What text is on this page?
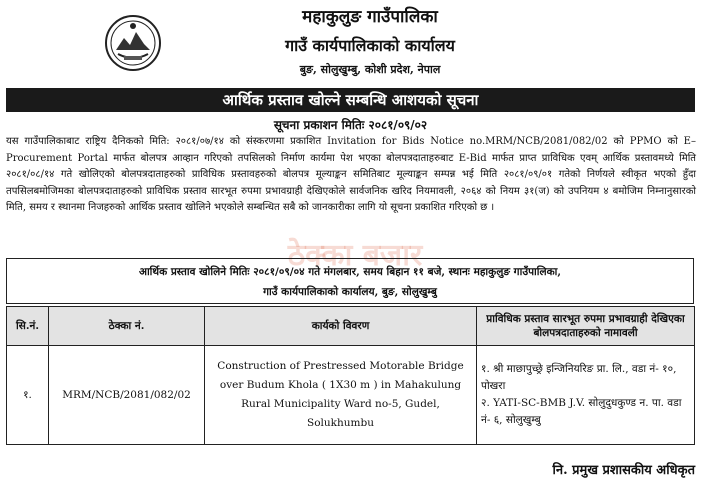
महाकुलुङ गाउँपालिका
गाउँ कार्यपालिकाको कार्यालय
बुङ, सोलुखुम्बु, कोशी प्रदेश, नेपाल
आर्थिक प्रस्ताव खोल्ने सम्बन्धि आशयको सूचना
सूचना प्रकाशन मितिः २०८१/०९/०२
यस गाउँपालिकाबाट राष्ट्रिय दैनिकको मिति: २०८१/०७/१४ को संस्करणमा प्रकाशित Invitation for Bids Notice no.MRM/NCB/2081/082/02 को PPMO को E–Procurement Portal मार्फत बोलपत्र आव्हान गरिएको तपसिलको निर्माण कार्यमा पेश भएका बोलपत्रदाताहरुबाट E-Bid मार्फत प्राप्त प्राविधिक एवम् आर्थिक प्रस्तावमध्ये मिति २०८१/०८/१४ गते खोलिएको बोलपत्रदाताहरुको प्राविधिक प्रस्तावहरुको बोलपत्र मूल्याङ्कन समितिबाट मूल्याङ्कन सम्पन्न भई मिति २०८१/०९/०१ गतेको निर्णयले स्वीकृत भएको हुँदा तपसिलबमोजिमका बोलपत्रदाताहरुको प्राविधिक प्रस्ताव सारभूत रुपमा प्रभावग्राही देखिएकोले सार्वजनिक खरिद नियमावली, २०६४ को नियम ३१(ज) को उपनियम ४ बमोजिम निम्नानुसारको मिति, समय र स्थानमा निजहरुको आर्थिक प्रस्ताव खोलिने भएकोले सम्बन्धित सबै को जानकारीका लागि यो सूचना प्रकाशित गरिएको छ ।
ठेक्का बजार
आर्थिक प्रस्ताव खोलिने मितिः २०८१/०९/०४ गते मंगलबार, समय बिहान ११ बजे, स्थानः महाकुलुङ गाउँपालिका,
गाउँ कार्यपालिकाको कार्यालय, बुङ, सोलुखुम्बु
सि.नं.	ठेक्का नं.	कार्यको विवरण	प्राविधिक प्रस्ताव सारभूत रुपमा प्रभावग्राही देखिएका बोलपत्रदाताहरुको नामावली
१.	MRM/NCB/2081/082/02	Construction of Prestressed Motorable Bridge over Budum Khola ( 1X30 m ) in Mahakulung Rural Municipality Ward no-5, Gudel, Solukhumbu	१. श्री माछापुच्छ्रे इन्जिनियरिङ प्रा. लि., वडा नं- १०, पोखरा
२. YATI-SC-BMB J.V. सोलुदुधकुण्ड न. पा. वडा नं- ६, सोलुखुम्बु
नि. प्रमुख प्रशासकीय अधिकृत
